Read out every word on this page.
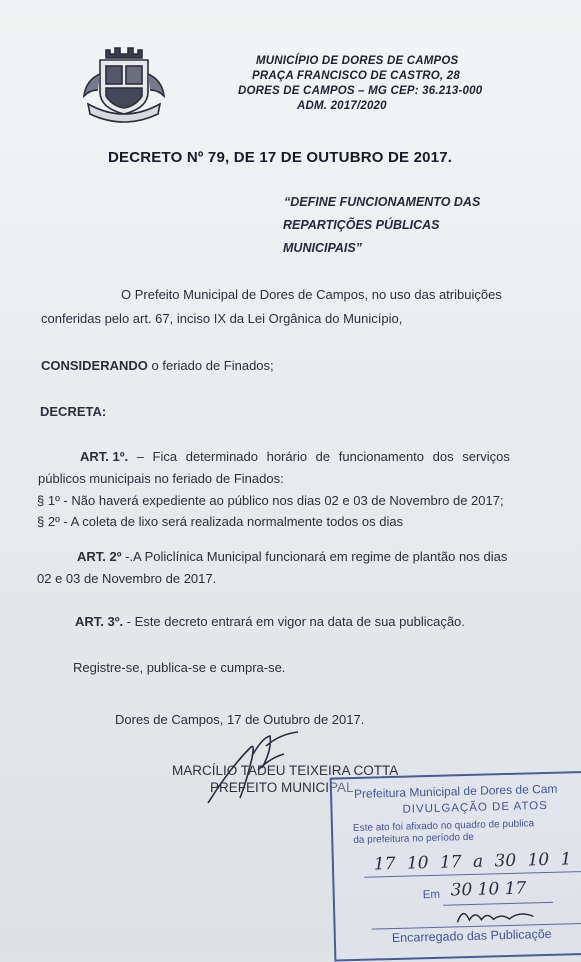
MUNICÍPIO DE DORES DE CAMPOS
PRAÇA FRANCISCO DE CASTRO, 28
DORES DE CAMPOS – MG CEP: 36.213-000
ADM. 2017/2020
DECRETO Nº 79, DE 17 DE OUTUBRO DE 2017.
“DEFINE FUNCIONAMENTO DAS
REPARTIÇÕES PÚBLICAS
MUNICIPAIS”
O Prefeito Municipal de Dores de Campos, no uso das atribuições
conferidas pelo art. 67, inciso IX da Lei Orgânica do Município,
CONSIDERANDO o feriado de Finados;
DECRETA:
ART. 1º. – Fica determinado horário de funcionamento dos serviços
públicos municipais no feriado de Finados:
§ 1º - Não haverá expediente ao público nos dias 02 e 03 de Novembro de 2017;
§ 2º - A coleta de lixo será realizada normalmente todos os dias
ART. 2º -.A Policlínica Municipal funcionará em regime de plantão nos dias
02 e 03 de Novembro de 2017.
ART. 3º. - Este decreto entrará em vigor na data de sua publicação.
Registre-se, publica-se e cumpra-se.
Dores de Campos, 17 de Outubro de 2017.
MARCÍLIO TADEU TEIXEIRA COTTA
PREFEITO MUNICIPAL Prefeitura Municipal de Dores de Cam
DIVULGAÇÃO DE ATOS
Este ato foi afixado no quadro de publica
da prefeitura no período de
17 10 17 a 30 10 1
Em 30 10 17
Encarregado das Publicaçõe
